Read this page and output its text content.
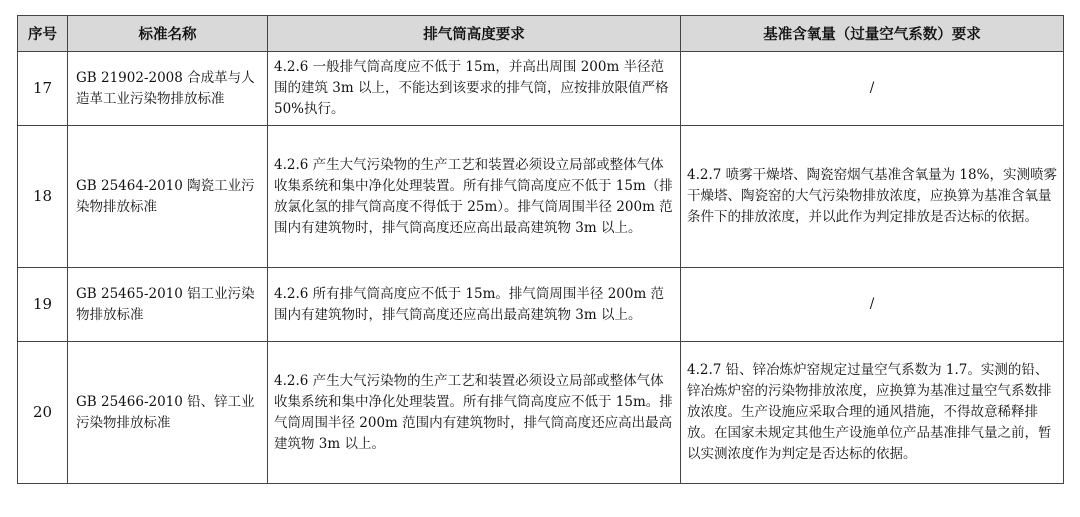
序号	标准名称	排气筒高度要求	基准含氧量（过量空气系数）要求
17	GB 21902-2008 合成革与人造革工业污染物排放标准	4.2.6 一般排气筒高度应不低于 15m，并高出周围 200m 半径范围的建筑 3m 以上，不能达到该要求的排气筒，应按排放限值严格 50%执行。	/
18	GB 25464-2010 陶瓷工业污染物排放标准	4.2.6 产生大气污染物的生产工艺和装置必须设立局部或整体气体收集系统和集中净化处理装置。所有排气筒高度应不低于 15m（排放氯化氢的排气筒高度不得低于 25m）。排气筒周围半径 200m 范围内有建筑物时，排气筒高度还应高出最高建筑物 3m 以上。	4.2.7 喷雾干燥塔、陶瓷窑烟气基准含氧量为 18%，实测喷雾干燥塔、陶瓷窑的大气污染物排放浓度，应换算为基准含氧量条件下的排放浓度，并以此作为判定排放是否达标的依据。
19	GB 25465-2010 铝工业污染物排放标准	4.2.6 所有排气筒高度应不低于 15m。排气筒周围半径 200m 范围内有建筑物时，排气筒高度还应高出最高建筑物 3m 以上。	/
20	GB 25466-2010 铅、锌工业污染物排放标准	4.2.6 产生大气污染物的生产工艺和装置必须设立局部或整体气体收集系统和集中净化处理装置。所有排气筒高度应不低于 15m。排气筒周围半径 200m 范围内有建筑物时，排气筒高度还应高出最高建筑物 3m 以上。	4.2.7 铅、锌冶炼炉窑规定过量空气系数为 1.7。实测的铅、锌冶炼炉窑的污染物排放浓度，应换算为基准过量空气系数排放浓度。生产设施应采取合理的通风措施，不得故意稀释排放。在国家未规定其他生产设施单位产品基准排气量之前，暂以实测浓度作为判定是否达标的依据。
